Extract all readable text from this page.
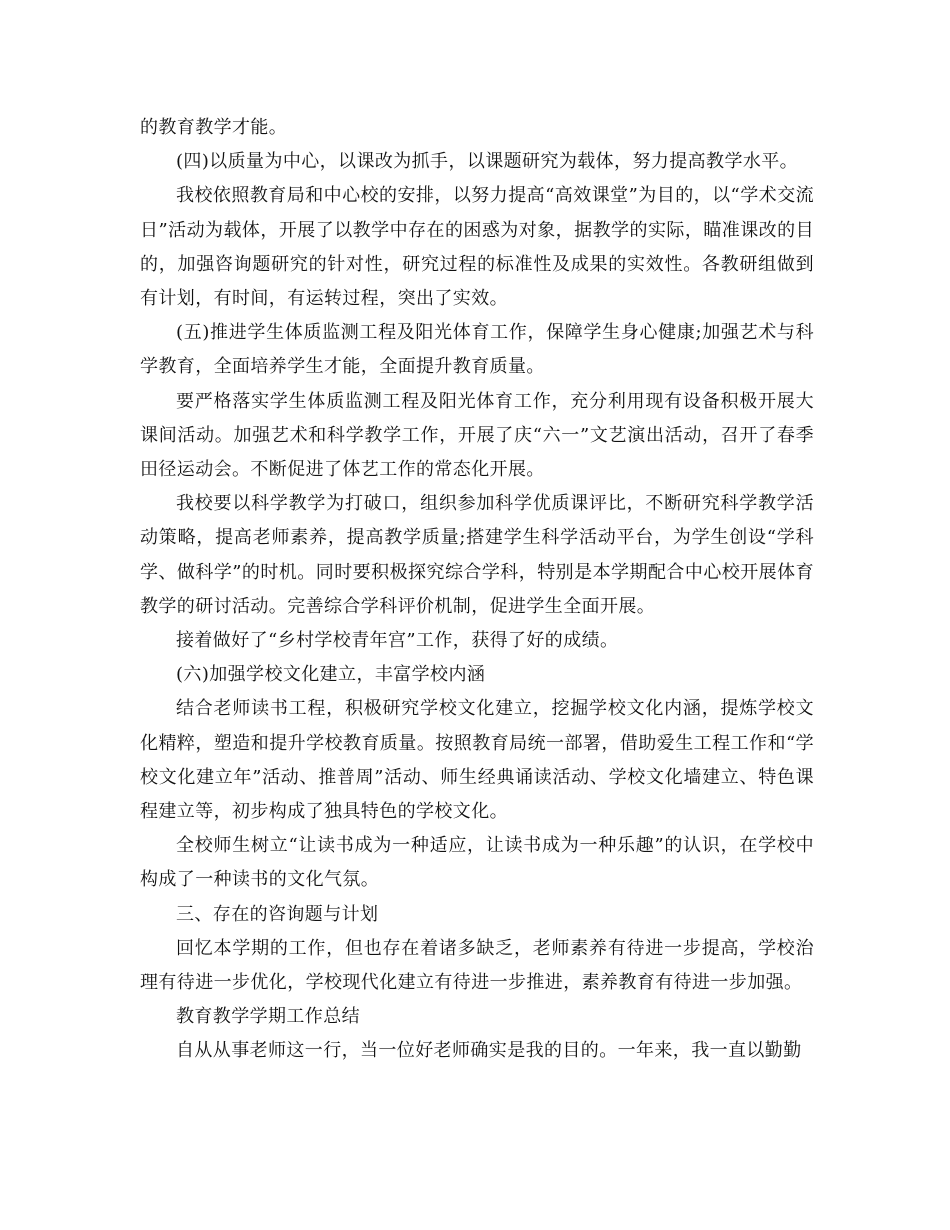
的教育教学才能。

(四)以质量为中心，以课改为抓手，以课题研究为载体，努力提高教学水平。

我校依照教育局和中心校的安排，以努力提高“高效课堂”为目的，以“学术交流日”活动为载体，开展了以教学中存在的困惑为对象，据教学的实际，瞄准课改的目的，加强咨询题研究的针对性，研究过程的标准性及成果的实效性。各教研组做到有计划，有时间，有运转过程，突出了实效。

(五)推进学生体质监测工程及阳光体育工作，保障学生身心健康;加强艺术与科学教育，全面培养学生才能，全面提升教育质量。

要严格落实学生体质监测工程及阳光体育工作，充分利用现有设备积极开展大课间活动。加强艺术和科学教学工作，开展了庆“六一”文艺演出活动，召开了春季田径运动会。不断促进了体艺工作的常态化开展。

我校要以科学教学为打破口，组织参加科学优质课评比，不断研究科学教学活动策略，提高老师素养，提高教学质量;搭建学生科学活动平台，为学生创设“学科学、做科学”的时机。同时要积极探究综合学科，特别是本学期配合中心校开展体育教学的研讨活动。完善综合学科评价机制，促进学生全面开展。

接着做好了“乡村学校青年宫”工作，获得了好的成绩。

(六)加强学校文化建立，丰富学校内涵

结合老师读书工程，积极研究学校文化建立，挖掘学校文化内涵，提炼学校文化精粹，塑造和提升学校教育质量。按照教育局统一部署，借助爱生工程工作和“学校文化建立年”活动、推普周”活动、师生经典诵读活动、学校文化墙建立、特色课程建立等，初步构成了独具特色的学校文化。

全校师生树立“让读书成为一种适应，让读书成为一种乐趣”的认识，在学校中构成了一种读书的文化气氛。

三、存在的咨询题与计划

回忆本学期的工作，但也存在着诸多缺乏，老师素养有待进一步提高，学校治理有待进一步优化，学校现代化建立有待进一步推进，素养教育有待进一步加强。

教育教学学期工作总结

自从从事老师这一行，当一位好老师确实是我的目的。一年来，我一直以勤勤
